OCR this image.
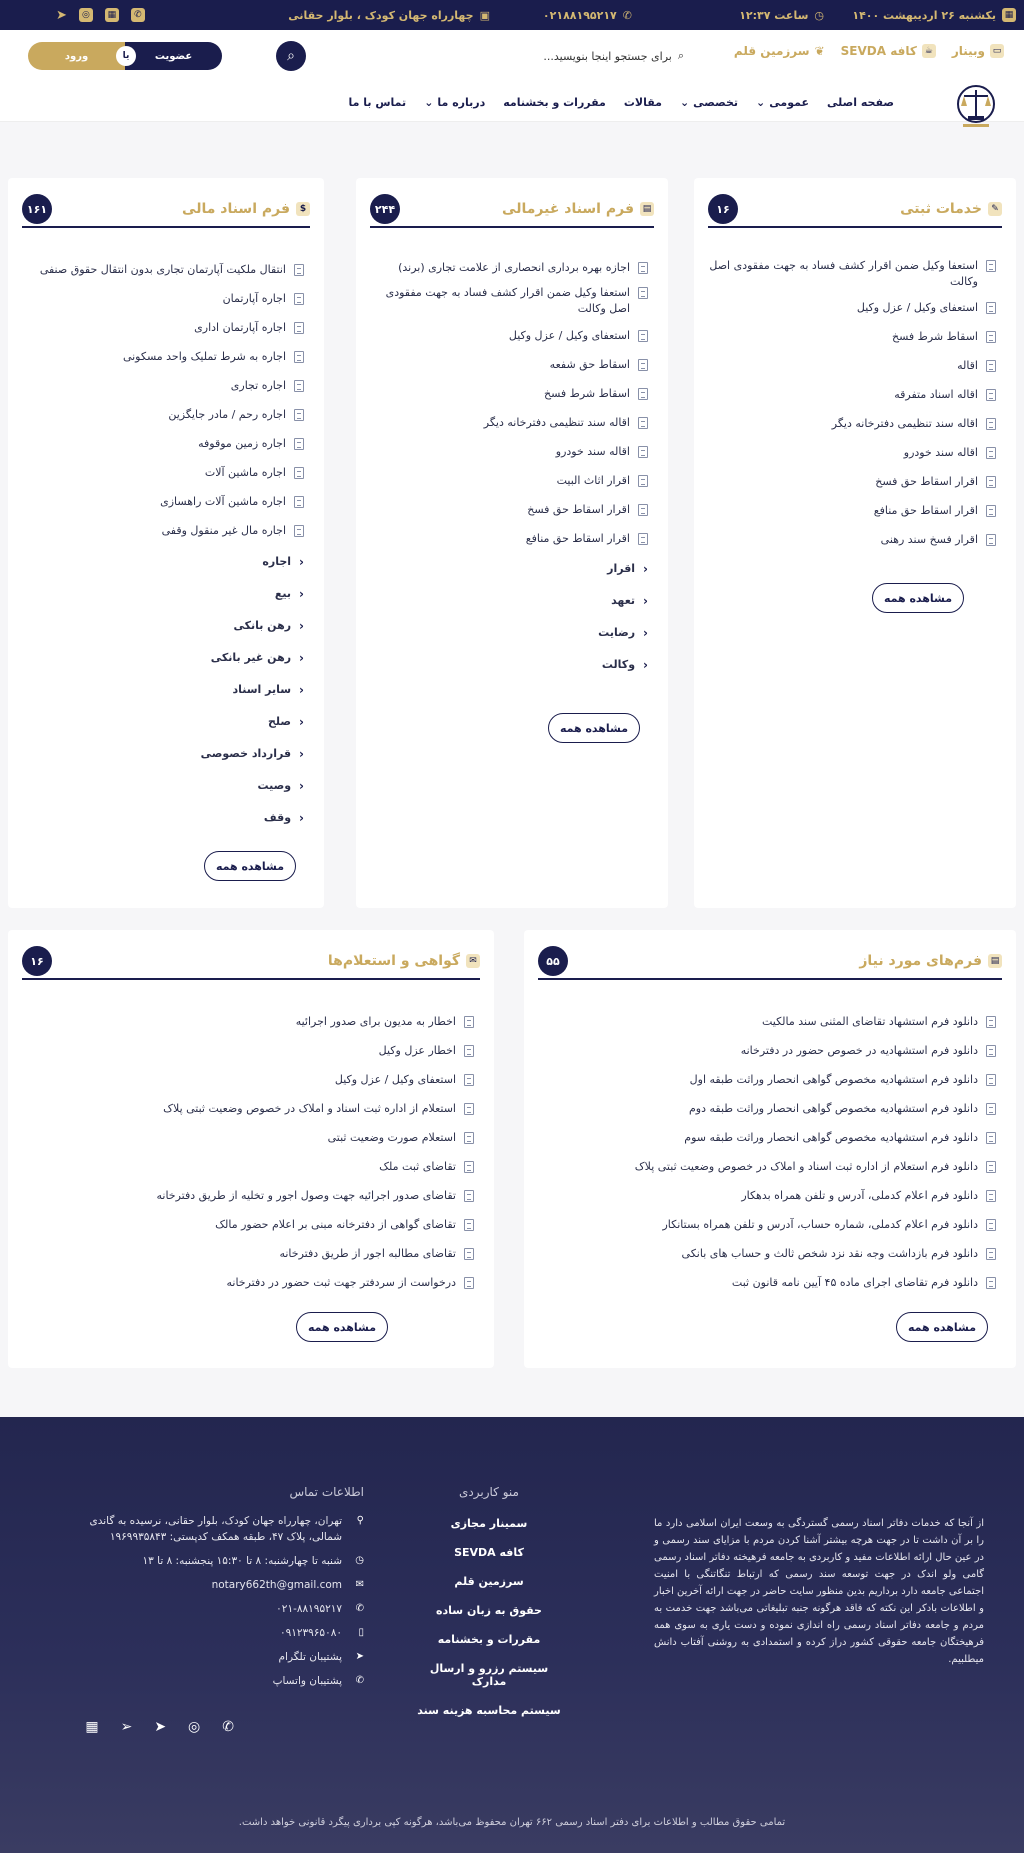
▦
یکشنبه ۲۶ اردیبهشت ۱۴۰۰
◷
ساعت ۱۲:۳۷
✆
۰۲۱۸۸۱۹۵۲۱۷
▣
چهارراه جهان کودک ، بلوار حقانی
✆
▦
◎
➤
▭
وبینار
☕
کافه SEVDA
❦
سرزمین قلم
⌕
برای جستجو اینجا بنویسید...
⌕
عضویت
ورود	یا
صفحه اصلی
عمومی
⌄
تخصصی
⌄
مقالات
مقررات و بخشنامه
درباره ما
⌄
تماس با ما
✎
خدمات ثبتی
۱۶
استعفا وکیل ضمن اقرار کشف فساد به جهت مفقودی اصل وکالت
استعفای وکیل / عزل وکیل
اسقاط شرط فسخ
اقاله
اقاله اسناد متفرقه
اقاله سند تنظیمی دفترخانه دیگر
اقاله سند خودرو
اقرار اسقاط حق فسخ
اقرار اسقاط حق منافع
اقرار فسخ سند رهنی
مشاهده همه
▤
فرم اسناد غیرمالی
۲۴۴
اجازه بهره برداری انحصاری از علامت تجاری (برند)
استعفا وکیل ضمن اقرار کشف فساد به جهت مفقودی اصل وکالت
استعفای وکیل / عزل وکیل
اسقاط حق شفعه
اسقاط شرط فسخ
اقاله سند تنظیمی دفترخانه دیگر
اقاله سند خودرو
اقرار اثاث البیت
اقرار اسقاط حق فسخ
اقرار اسقاط حق منافع
‹
اقرار
‹
تعهد
‹
رضایت
‹
وکالت
مشاهده همه
$
فرم اسناد مالی
۱۶۱
انتقال ملکیت آپارتمان تجاری بدون انتقال حقوق صنفی
اجاره آپارتمان
اجاره آپارتمان اداری
اجاره به شرط تملیک واحد مسکونی
اجاره تجاری
اجاره رحم / مادر جایگزین
اجاره زمین موقوفه
اجاره ماشین آلات
اجاره ماشین آلات راهسازی
اجاره مال غیر منقول وقفی
‹
اجاره
‹
بیع
‹
رهن بانکی
‹
رهن غیر بانکی
‹
سایر اسناد
‹
صلح
‹
قرارداد خصوصی
‹
وصیت
‹
وقف
مشاهده همه
▤
فرم‌های مورد نیاز
۵۵
دانلود فرم استشهاد تقاضای المثنی سند مالکیت
دانلود فرم استشهادیه در خصوص حضور در دفترخانه
دانلود فرم استشهادیه مخصوص گواهی انحصار وراثت طبقه اول
دانلود فرم استشهادیه مخصوص گواهی انحصار وراثت طبقه دوم
دانلود فرم استشهادیه مخصوص گواهی انحصار وراثت طبقه سوم
دانلود فرم استعلام از اداره ثبت اسناد و املاک در خصوص وضعیت ثبتی پلاک
دانلود فرم اعلام کدملی، آدرس و تلفن همراه بدهکار
دانلود فرم اعلام کدملی، شماره حساب، آدرس و تلفن همراه بستانکار
دانلود فرم بازداشت وجه نقد نزد شخص ثالث و حساب های بانکی
دانلود فرم تقاضای اجرای ماده ۴۵ آیین نامه قانون ثبت
مشاهده همه
✉
گواهی و استعلام‌ها
۱۶
اخطار به مدیون برای صدور اجرائیه
اخطار عزل وکیل
استعفای وکیل / عزل وکیل
استعلام از اداره ثبت اسناد و املاک در خصوص وضعیت ثبتی پلاک
استعلام صورت وضعیت ثبتی
تقاضای ثبت ملک
تقاضای صدور اجرائیه جهت وصول اجور و تخلیه از طریق دفترخانه
تقاضای گواهی از دفترخانه مبنی بر اعلام حضور مالک
تقاضای مطالبه اجور از طریق دفترخانه
درخواست از سردفتر جهت ثبت حضور در دفترخانه
مشاهده همه
از آنجا که خدمات دفاتر اسناد رسمی گستردگی به وسعت ایران اسلامی دارد ما را بر آن داشت تا در جهت هرچه بیشتر آشنا کردن مردم با مزایای سند رسمی و در عین حال ارائه اطلاعات مفید و کاربردی به جامعه فرهیخته دفاتر اسناد رسمی گامی ولو اندک در جهت توسعه سند رسمی که ارتباط تنگاتنگی با امنیت اجتماعی جامعه دارد برداریم بدین منظور سایت حاضر در جهت ارائه آخرین اخبار و اطلاعات بادکر این نکته که فاقد هرگونه جنبه تبلیغاتی می‌باشد جهت خدمت به مردم و جامعه دفاتر اسناد رسمی راه اندازی نموده و دست یاری به سوی همه فرهیختگان جامعه حقوقی کشور دراز کرده و استمدادی به روشنی آفتاب دانش میطلبیم.
منو کاربردی
سمینار مجازی
کافه SEVDA
سرزمین قلم
حقوق به زبان ساده
مقررات و بخشنامه
سیستم رزرو و ارسال مدارک
سیستم محاسبه هزینه سند
اطلاعات تماس
⚲
تهران، چهارراه جهان کودک، بلوار حقانی، نرسیده به گاندی شمالی، پلاک ۴۷، طبقه همکف کدپستی: ۱۹۶۹۹۳۵۸۴۳
◷
شنبه تا چهارشنبه: ۸ تا ۱۵:۳۰ پنجشنبه: ۸ تا ۱۳
✉
notary662th@gmail.com
✆
۰۲۱-۸۸۱۹۵۲۱۷
▯
۰۹۱۲۳۹۶۵۰۸۰
➤
پشتیبان تلگرام
✆
پشتیبان واتساپ
✆
◎
➤
➢
▦
تمامی حقوق مطالب و اطلاعات برای دفتر اسناد رسمی ۶۶۲ تهران محفوظ می‌باشد، هرگونه کپی برداری پیگرد قانونی خواهد داشت.
